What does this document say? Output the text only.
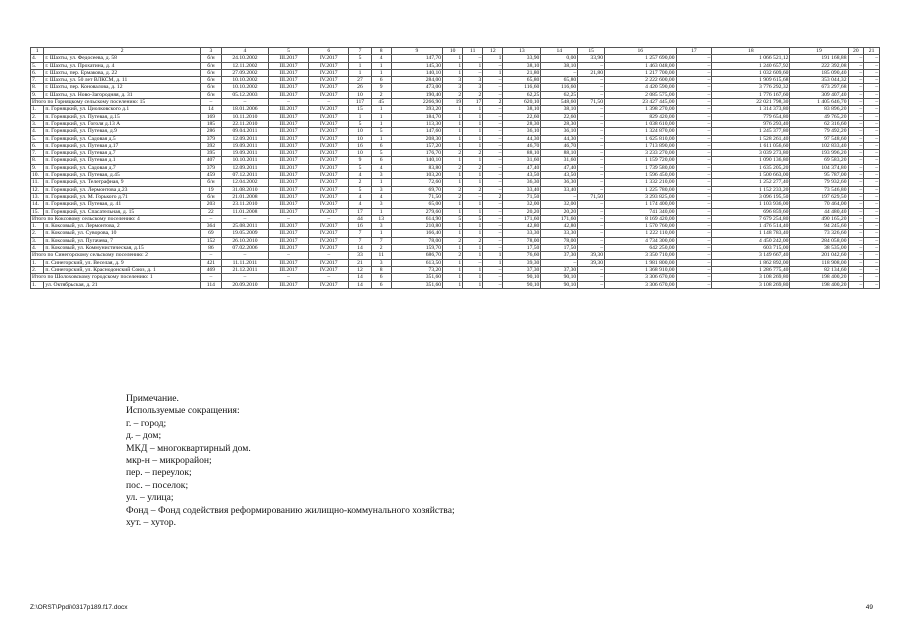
1	2	3	4	5	6	7	8	9	10	11	12	13	14	15	16	17	18	19	20	21
4.	г. Шахты, ул. Федосеева, д. 58	б/н	24.10.2002	III.2017	IV.2017	5	4	147,70	1	–	1	33,90	0,00	33,90	1 257 690,00	–	1 066 521,12	191 168,88	–	–
5.	г. Шахты, ул. Прохатина, д. 4	б/н	12.11.2002	III.2017	IV.2017	1	1	145,30	1	1	–	38,10	38,10	–	1 463 048,00	–	1 240 657,92	222 392,08	–	–
6.	г. Шахты, пер. Ермакова, д. 22	б/н	27.09.2002	III.2017	IV.2017	1	1	140,10	1	–	1	21,80	–	21,80	1 217 700,00	–	1 032 609,60	185 090,40	–	–
7.	г. Шахты, ул. 50 лет ВЛКСМ, д. 11	б/н	10.10.2002	III.2017	IV.2017	27	6	284,00	3	3	–	65,80	65,80	–	2 222 600,00	–	1 909 615,68	353 044,32	–	–
8.	г. Шахты, пер. Коновалова, д. 12	б/н	10.10.2002	III.2017	IV.2017	26	9	473,00	3	3	–	116,60	116,60	–	4 420 590,00	–	3 776 292,32	673 297,68	–	–
9.	г. Шахты, ул. Ново-Загородняя, д. 31	б/н	05.12.2003	III.2017	IV.2017	10	2	190,40	2	2	–	62,25	62,25	–	2 085 575,00	–	1 776 167,60	309 407,40	–	–
Итого по Горняцкому сельскому поселению: 15		–	–	–	–	117	45	2266,90	19	17	2	620,10	548,60	71,50	23 427 445,00	–	22 021 798,30	1 405 646,70	–	–
1.	п. Горняцкий, ул. Циолковского д.1	14	18.01.2006	III.2017	IV.2017	15	1	393,20	1	1	–	38,10	38,10	–	1 398 270,00	–	1 314 373,80	83 896,20	–	–
2.	п. Горняцкий, ул. Путевая, д.15	169	10.11.2010	III.2017	IV.2017	1	1	184,70	1	1	–	22,60	22,60	–	829 420,00	–	779 654,80	49 765,20	–	–
3.	п. Горняцкий, ул. Гоголя д.13 А	185	22.11.2010	III.2017	IV.2017	5	1	113,30	1	1	–	28,30	28,30	–	1 038 610,00	–	976 293,40	62 316,60	–	–
4.	п. Горняцкий, ул. Путевая, д.9	286	09.04.2011	III.2017	IV.2017	10	5	147,60	1	1	–	36,10	36,10	–	1 324 870,00	–	1 245 377,80	79 492,20	–	–
5.	п. Горняцкий, ул. Садовая д.5	379	12.09.2011	III.2017	IV.2017	10	1	208,30	1	1	–	44,30	44,30	–	1 625 810,00	–	1 528 261,40	97 548,60	–	–
6.	п. Горняцкий, ул. Путевая д.17	392	19.09.2011	III.2017	IV.2017	16	6	157,20	1	1	–	46,70	46,70	–	1 713 890,00	–	1 611 056,60	102 833,40	–	–
7.	п. Горняцкий, ул. Путевая д.7	395	19.09.2011	III.2017	IV.2017	10	5	176,70	2	2	–	88,10	88,10	–	3 233 270,00	–	3 039 273,80	193 996,20	–	–
8.	п. Горняцкий, ул. Путевая д.1	407	10.10.2011	III.2017	IV.2017	9	6	140,10	1	1	–	31,60	31,60	–	1 159 720,00	–	1 090 136,80	69 583,20	–	–
9.	п. Горняцкий, ул. Садовая д.7	379	12.09.2011	III.2017	IV.2017	5	4	83,80	2	2	–	47,40	47,40	–	1 739 580,00	–	1 635 205,20	104 374,80	–	–
10.	п. Горняцкий, ул. Путевая, д.45	459	07.12.2011	III.2017	IV.2017	4	3	103,20	1	1	–	43,50	43,50	–	1 596 450,00	–	1 500 663,00	95 787,00	–	–
11.	п. Горняцкий, ул. Телеграфная, 9	б/н	12.04.2002	III.2017	IV.2017	2	1	72,60	1	1	–	36,30	36,30	–	1 332 210,00	–	1 252 277,40	79 932,60	–	–
12.	п. Горняцкий, ул. Лермонтова д.23	19	31.08.2010	III.2017	IV.2017	5	3	69,70	2	2	–	33,40	33,40	–	1 225 780,00	–	1 152 233,20	73 546,80	–	–
13.	п. Горняцкий, ул. М. Горького д.71	б/н	21.01.2008	III.2017	IV.2017	4	4	71,50	2	–	2	71,50	–	71,50	3 293 825,00	–	3 096 195,50	197 629,50	–	–
14.	п. Горняцкий, ул. Путевая, д. 41	203	23.11.2010	III.2017	IV.2017	4	3	65,00	1	1	–	32,00	32,00	–	1 174 400,00	–	1 103 936,00	70 464,00	–	–
15.	п. Горняцкий, ул. Спасательная, д. 15	22	11.01.2008	III.2017	IV.2017	17	1	279,60	1	1	–	20,20	20,20	–	741 340,00	–	696 859,60	44 480,40	–	–
Итого по Коксовому сельскому поселению: 4		–	–	–	–	44	13	614,90	5	5	–	171,60	171,60	–	8 169 420,00	–	7 679 254,80	490 165,20	–	–
1.	п. Коксовый, ул. Лермонтова, 2	364	25.08.2011	III.2017	IV.2017	16	3	210,80	1	1	–	42,80	42,80	–	1 570 760,00	–	1 476 514,40	94 245,60	–	–
2.	п. Коксовый, ул. Суворова, 10	69	19.05.2009	III.2017	IV.2017	7	1	166,40	1	1	–	33,30	33,30	–	1 222 110,00	–	1 148 783,40	73 326,60	–	–
3.	п. Коксовый, ул. Пугачева, 7	152	26.10.2010	III.2017	IV.2017	7	7	78,00	2	2	–	78,00	78,00	–	4 734 300,00	–	4 450 242,00	284 058,00	–	–
4.	п. Коксовый, ул. Коммунистическая, д.15	86	07.02.2006	III.2017	IV.2017	14	2	159,70	1	1	–	17,50	17,50	–	642 250,00	–	603 715,00	38 535,00	–	–
Итого по Синегорскому сельскому поселению: 2		–	–	–	–	33	11	686,70	2	1	1	76,60	37,30	39,30	3 350 710,00	–	3 149 667,40	201 042,60	–	–
1.	п. Синегорский, ул. Веселая, д. 9	421	11.11.2011	III.2017	IV.2017	21	3	613,50	1	–	1	39,30	–	39,30	1 981 800,00	–	1 862 892,00	118 908,00	–	–
2.	п. Синегорский, ул. Краснодонский Союз, д. 1	469	21.12.2011	III.2017	IV.2017	12	8	73,20	1	1	–	37,30	37,30	–	1 368 910,00	–	1 286 775,40	82 134,60	–	–
Итого по Шолоховскому городскому поселению: 1		–	–	–	–	14	6	351,60	1	1	–	90,10	90,10	–	3 306 670,00	–	3 108 269,80	198 400,20	–	–
1.	ул. Октябрьская, д. 21	114	20.09.2010	III.2017	IV.2017	14	6	351,60	1	1	–	90,10	90,10	–	3 306 670,00	–	3 108 269,80	198 400,20	–	–
Примечание.
Используемые сокращения:
г. – город;
д. – дом;
МКД – многоквартирный дом.
мкр-н – микрорайон;
пер. – переулок;
пос. – поселок;
ул. – улица;
Фонд – Фонд содействия реформированию жилищно-коммунального хозяйства;
хут. – хутор.
Z:\ORST\Ppdi\0317p189.f17.docx	49
